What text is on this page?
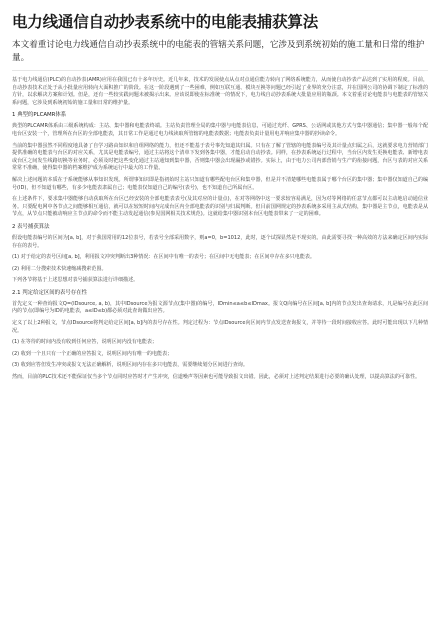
电力线通信自动抄表系统中的电能表捕获算法
本文着重讨论电力线通信自动抄表系统中的电能表的管辖关系问题，它涉及到系统初始的施工量和日常的维护量。
基于电力线通信(PLC)的自动抄表(AMR)应用在我国已有十多年历史。近几年来，技术的发展使点从点对点通信能力转向了网络系统能力，从而使自动抄表产品达到了实用的程度。目前，自动抄表技术正处于从小批量应用转向大面积推广的阶段。在这一阶段遇到了一些困难，例如互联互通、模块互换等问题已经引起了业界的充分注意，并在国网公司的协调下制定了标准的方针，以求解决方案和计划。但是，还有一些较实践问题未被揭示出来。应该说即使在标准统一的情况下，电力线自动抄表系统大批量应用的瓶颈。本文着重讨论电能表与电能表的管辖关系问题，它涉及到系统初始的施工量和日常的维护量。
1 典型的PLCAMR体系
典型的PLCAMR体系由三级系统构成：主站、集中器和电能表终端。主站负责管理全局的集中器与电能表信息，可通过光纤、GPRS、公话网或其他方式与集中器通信；集中器一般每个配电台区安装一个，管理所在台区的全部电能表，其日常工作是通过电力线读取所管辖的电能表数据；电能表负责计量用电并响应集中器的抄读命令。
当前的集中器虽然不同程度地具备了自学习路由知识和自组网络的能力，但还不能基于表号事先知道其归属。只有在了解了管辖的电能表编号及其计量点归属之后，这就要求电力营销部门提供准确的电能表与台区的对应关系，尤其是电能表编号，通过主站将这个清单下发到各集中器，才能启动自动抄表。同样，在抄表系统运行过程中，当台区内发生更换电能表、新增电表或台区之间发生线路切换等业务时，必须及时把这些变化通过主站通知到集中器，否则集中器会出现漏抄或错抄。实际上，由于电力公司内部营销与生产的衔接问题，台区与表的对应关系常常不准确，使得集中器的档案维护成为系统运行中最大的工作量。
解决上述问题的本质在于系统能够从事知识发现。所谓事知识即是指初始时主站只知道有哪些配电台区和集中器，但是并不清楚哪些电能表属于哪个台区的集中器；集中器仅知道自己的编号(ID)，但不知道有哪些，有多少电能表隶属自己；电能表仅知道自己的编号(表号)，也不知道自己所属台区。
在上述条件下，要求集中器能够自动获取所在台区已经安装的全部电能表表号(及其对应的计量点)，在对等网络中这一要求较容易满足，因为对等网络的任意节点都可以主动地启动通信业务。只要配电网中各节点之间能够相互通信，就可以在较短时间内完成台区内全部电能表的识别与归属判断。但目前国网规定的抄表系统多采用主从式结构，集中器是主节点，电能表是从节点，从节点只能被动响应主节点的命令而不能主动发起通信(参见国网相关技术规范)。这就给集中器识别本台区电能表带来了一定的困难。
2 表号捕获算法
假设电能表编号的区间为[a, b]，对于我国常用的12位表号，若表号全部采用数字，则a=0，b=1012，此时，逐个试探显然是不现实的。由此需要寻找一种高效的方法来确定区间内实际存在的表号。
(1) 对于给定的表号区间[a, b]，利用报文冲突判断出3种情况：在区间中有唯一的表号；在区间中无电能表；在区间中存在多只电能表。
(2) 利用二分搜索技术快速缩减搜索范围。
下列各节将基于上述思想对表号捕获算法进行详细描述。
2.1 判定给定区间的表号存在性
首先定义一种查询报文Q=(IDsource, a, b)，其中IDsource为报文源节点(集中器)的编号，IDmin≤a≤b≤IDmax。报文Q向编号在区间[a, b]内的节点发出查询请求，凡是编号在此区间内的节点(即编号为ID的电能表，a≤ID≤b)都必须对此查询做出应答。
定义了以上2种报文，节点IDsource将判定给定区间[a, b]内的表号存在性。判定过程为：节点IDsource向区间内节点发送查询报文，并等待一段时间接收应答。此时可能出现以下几种情况。
(1) 在等待的时间内没有收到任何应答，说明区间内没有电能表；
(2) 收到一个且只有一个正确的应答报文，说明区间内有唯一的电能表；
(3) 收到应答但发生冲突或报文无法正确解析，说明区间内存在多只电能表，需要继续划分区间进行查询。
然而，目前的PLC技术还不能保证仅当多个节点同时应答时才产生冲突，信道噪声等因素也可能导致报文出错。因此，必须对上述判定结果进行必要的确认处理，以提高算法的可靠性。
